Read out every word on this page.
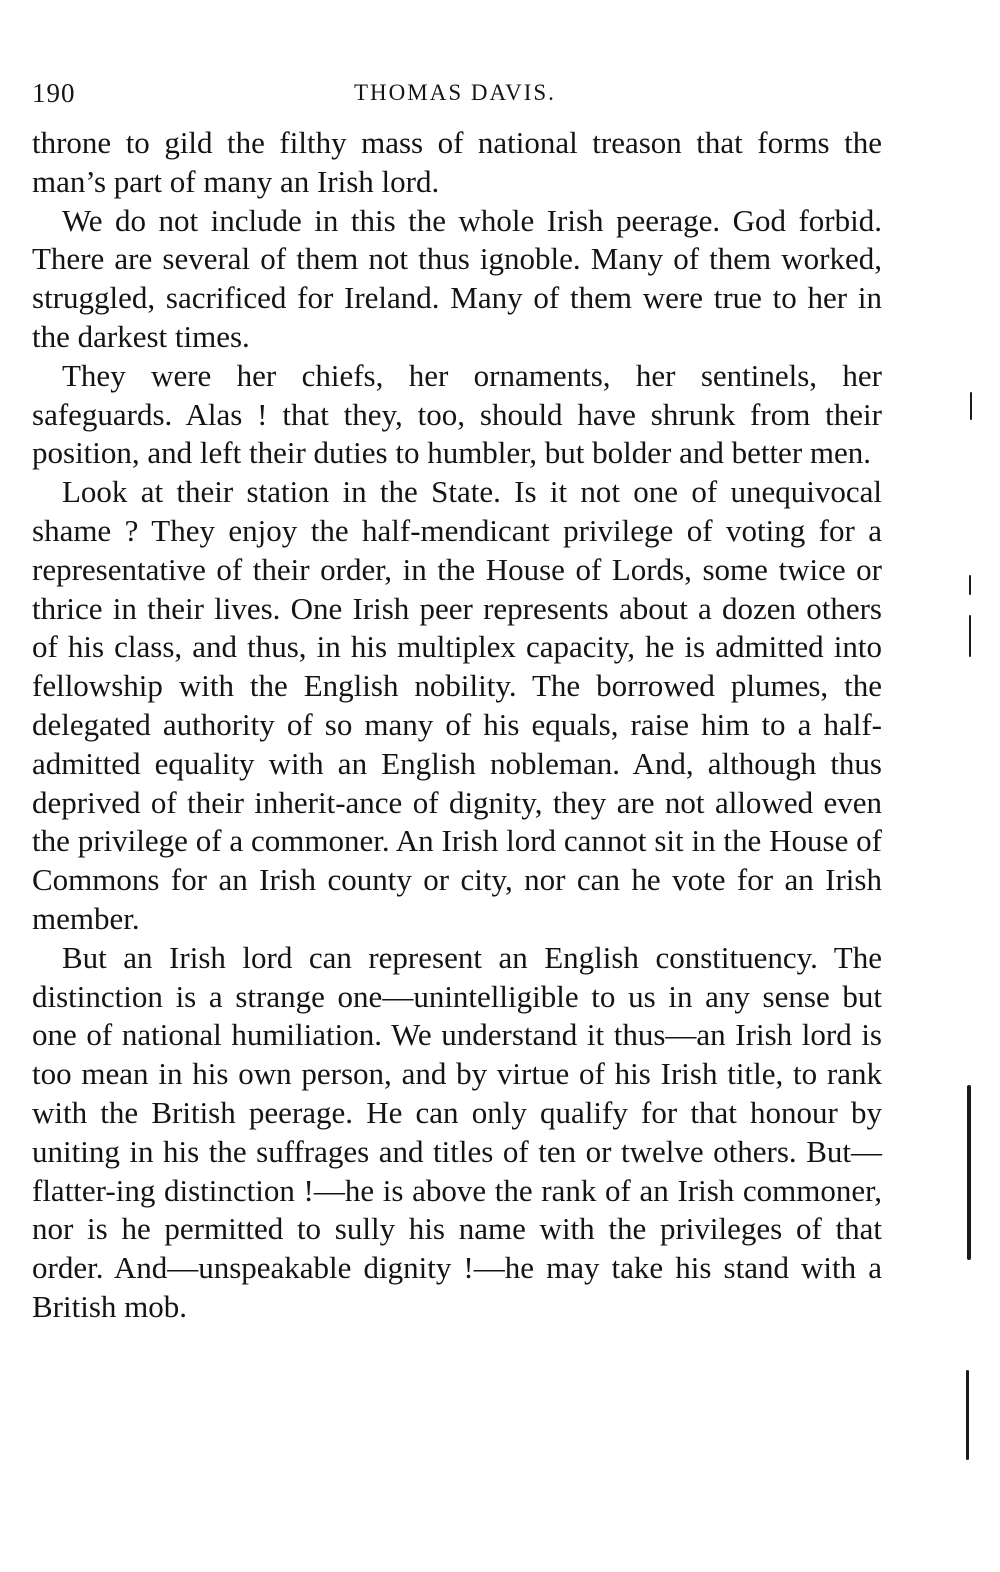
190	THOMAS DAVIS.

throne to gild the filthy mass of national treason that forms the man’s part of many an Irish lord.

We do not include in this the whole Irish peerage. God forbid. There are several of them not thus ignoble. Many of them worked, struggled, sacrificed for Ireland. Many of them were true to her in the darkest times.

They were her chiefs, her ornaments, her sentinels, her safeguards. Alas ! that they, too, should have shrunk from their position, and left their duties to humbler, but bolder and better men.

Look at their station in the State. Is it not one of unequivocal shame ? They enjoy the half-mendicant privilege of voting for a representative of their order, in the House of Lords, some twice or thrice in their lives. One Irish peer represents about a dozen others of his class, and thus, in his multiplex capacity, he is admitted into fellowship with the English nobility. The borrowed plumes, the delegated authority of so many of his equals, raise him to a half-admitted equality with an English nobleman. And, although thus deprived of their inherit-ance of dignity, they are not allowed even the privilege of a commoner. An Irish lord cannot sit in the House of Commons for an Irish county or city, nor can he vote for an Irish member.

But an Irish lord can represent an English constituency. The distinction is a strange one—unintelligible to us in any sense but one of national humiliation. We understand it thus—an Irish lord is too mean in his own person, and by virtue of his Irish title, to rank with the British peerage. He can only qualify for that honour by uniting in his the suffrages and titles of ten or twelve others. But—flatter-ing distinction !—he is above the rank of an Irish commoner, nor is he permitted to sully his name with the privileges of that order. And—unspeakable dignity !—he may take his stand with a British mob.
